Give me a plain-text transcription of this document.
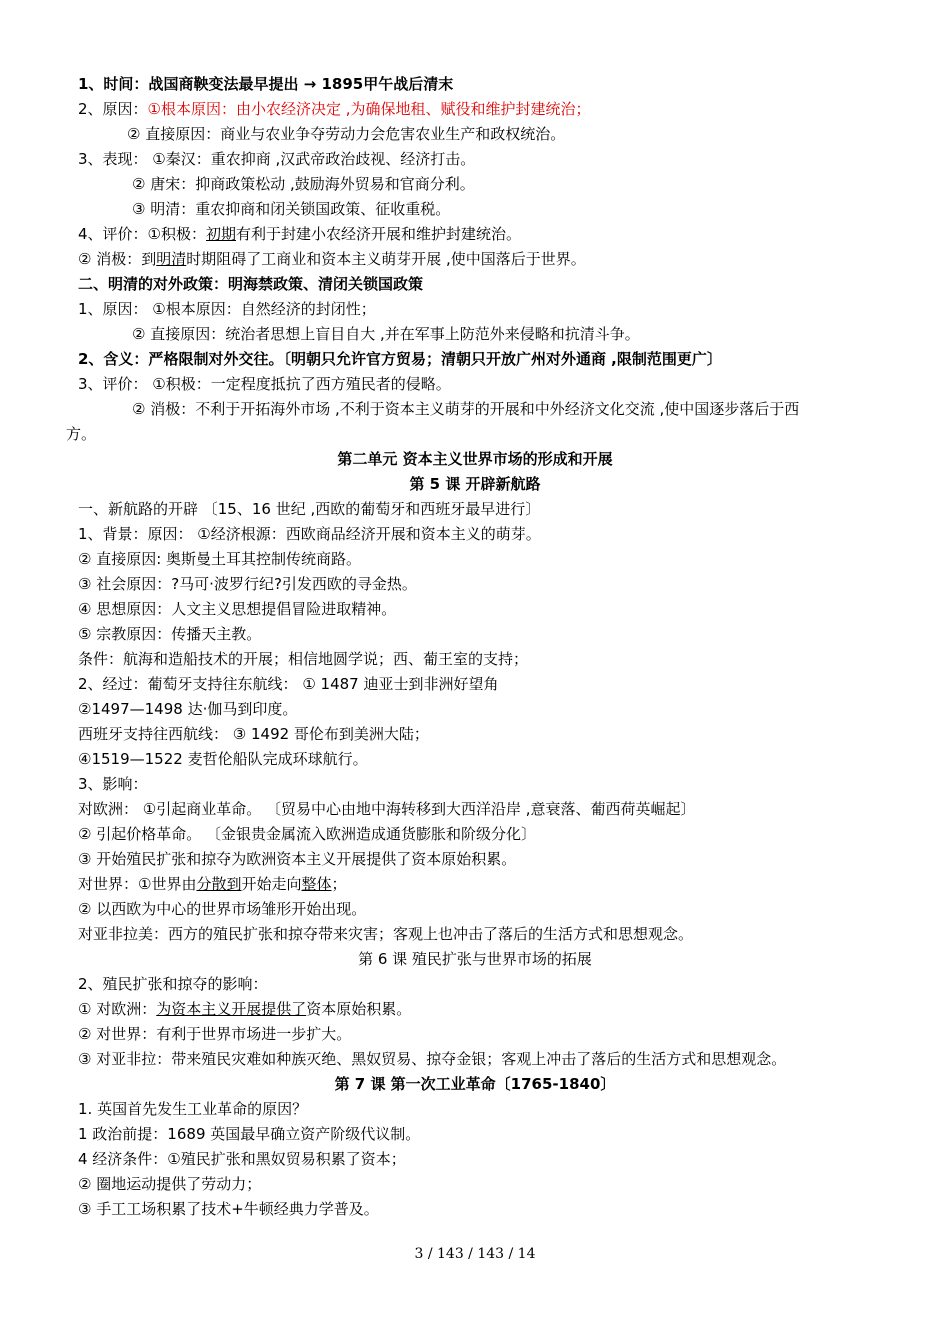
1、时间：战国商鞅变法最早提出 → 1895甲午战后清末
2、原因：①根本原因：由小农经济决定 ,为确保地租、赋役和维护封建统治；
② 直接原因：商业与农业争夺劳动力会危害农业生产和政权统治。
3、表现： ①秦汉：重农抑商 ,汉武帝政治歧视、经济打击。
② 唐宋：抑商政策松动 ,鼓励海外贸易和官商分利。
③ 明清：重农抑商和闭关锁国政策、征收重税。
4、评价：①积极：初期有利于封建小农经济开展和维护封建统治。
② 消极：到明清时期阻碍了工商业和资本主义萌芽开展 ,使中国落后于世界。
二、明清的对外政策：明海禁政策、清闭关锁国政策
1、原因： ①根本原因：自然经济的封闭性；
② 直接原因：统治者思想上盲目自大 ,并在军事上防范外来侵略和抗清斗争。
2、含义：严格限制对外交往。〔明朝只允许官方贸易；清朝只开放广州对外通商 ,限制范围更广〕
3、评价： ①积极：一定程度抵抗了西方殖民者的侵略。
② 消极：不利于开拓海外市场 ,不利于资本主义萌芽的开展和中外经济文化交流 ,使中国逐步落后于西
方。
第二单元 资本主义世界市场的形成和开展
第 5 课 开辟新航路
一、新航路的开辟 〔15、16 世纪 ,西欧的葡萄牙和西班牙最早进行〕
1、背景：原因： ①经济根源：西欧商品经济开展和资本主义的萌芽。
② 直接原因: 奥斯曼土耳其控制传统商路。
③ 社会原因：?马可·波罗行纪?引发西欧的寻金热。
④ 思想原因：人文主义思想提倡冒险进取精神。
⑤ 宗教原因：传播天主教。
条件：航海和造船技术的开展；相信地圆学说；西、葡王室的支持；
2、经过：葡萄牙支持往东航线： ① 1487 迪亚士到非洲好望角
②1497—1498 达·伽马到印度。
西班牙支持往西航线： ③ 1492 哥伦布到美洲大陆；
④1519—1522 麦哲伦船队完成环球航行。
3、影响：
对欧洲： ①引起商业革命。 〔贸易中心由地中海转移到大西洋沿岸 ,意衰落、葡西荷英崛起〕
② 引起价格革命。 〔金银贵金属流入欧洲造成通货膨胀和阶级分化〕
③ 开始殖民扩张和掠夺为欧洲资本主义开展提供了资本原始积累。
对世界：①世界由分散到开始走向整体；
② 以西欧为中心的世界市场雏形开始出现。
对亚非拉美：西方的殖民扩张和掠夺带来灾害；客观上也冲击了落后的生活方式和思想观念。
第 6 课 殖民扩张与世界市场的拓展
2、殖民扩张和掠夺的影响：
① 对欧洲：为资本主义开展提供了资本原始积累。
② 对世界：有利于世界市场进一步扩大。
③ 对亚非拉：带来殖民灾难如种族灭绝、黑奴贸易、掠夺金银；客观上冲击了落后的生活方式和思想观念。
第 7 课 第一次工业革命〔1765-1840〕
1. 英国首先发生工业革命的原因？
1 政治前提：1689 英国最早确立资产阶级代议制。
4 经济条件：①殖民扩张和黑奴贸易积累了资本；
② 圈地运动提供了劳动力；
③ 手工工场积累了技术+牛顿经典力学普及。
3 / 143 / 143 / 14
